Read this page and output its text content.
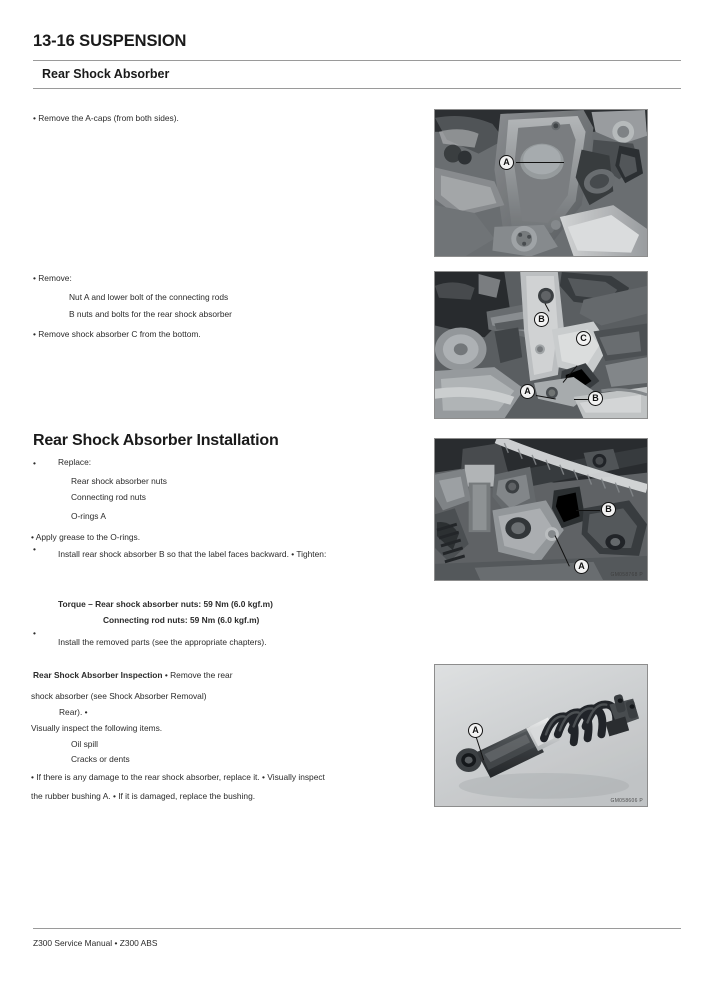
13-16 SUSPENSION
Rear Shock Absorber
• Remove the A-caps (from both sides).
• Remove:
Nut A and lower bolt of the connecting rods
B nuts and bolts for the rear shock absorber
• Remove shock absorber C from the bottom.
Rear Shock Absorber Installation
•	Replace:
Rear shock absorber nuts
Connecting rod nuts
O-rings A
• Apply grease to the O-rings.
•	Install rear shock absorber B so that the label faces backward. • Tighten:
Torque – Rear shock absorber nuts: 59 Nm (6.0 kgf.m)
Connecting rod nuts: 59 Nm (6.0 kgf.m)
•
Install the removed parts (see the appropriate chapters).
Rear Shock Absorber Inspection • Remove the rear
shock absorber (see Shock Absorber Removal)
Rear). •
Visually inspect the following items.
Oil spill
Cracks or dents
• If there is any damage to the rear shock absorber, replace it. • Visually inspect
the rubber bushing A. • If it is damaged, replace the bushing.
A
B
C
A
B
B
A
GM058768 P
A
GM058606 P
Z300 Service Manual • Z300 ABS
